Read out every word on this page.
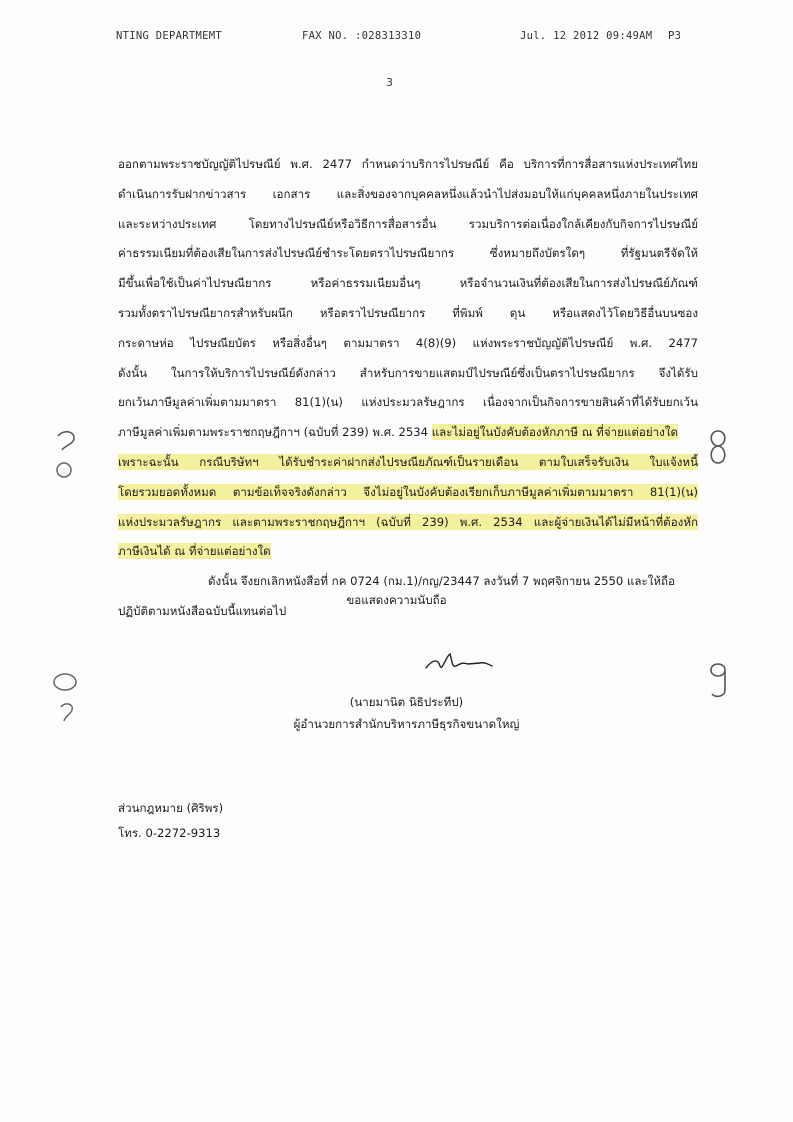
NTING DEPARTMEMT	FAX NO. :028313310	Jul. 12 2012 09:49AM P3
3
ออกตามพระราชบัญญัติไปรษณีย์ พ.ศ. 2477 กำหนดว่าบริการไปรษณีย์ คือ บริการที่การสื่อสารแห่งประเทศไทย
ดำเนินการรับฝากข่าวสาร เอกสาร และสิ่งของจากบุคคลหนึ่งแล้วนำไปส่งมอบให้แก่บุคคลหนึ่งภายในประเทศ
และระหว่างประเทศ โดยทางไปรษณีย์หรือวิธีการสื่อสารอื่น รวมบริการต่อเนื่องใกล้เคียงกับกิจการไปรษณีย์
ค่าธรรมเนียมที่ต้องเสียในการส่งไปรษณีย์ชำระโดยตราไปรษณียากร ซึ่งหมายถึงบัตรใดๆ ที่รัฐมนตรีจัดให้
มีขึ้นเพื่อใช้เป็นค่าไปรษณียากร หรือค่าธรรมเนียมอื่นๆ หรือจำนวนเงินที่ต้องเสียในการส่งไปรษณีย์ภัณฑ์
รวมทั้งตราไปรษณียากรสำหรับผนึก หรือตราไปรษณียากร ที่พิมพ์ ดุน หรือแสดงไว้โดยวิธีอื่นบนซอง
กระดาษห่อ ไปรษณียบัตร หรือสิ่งอื่นๆ ตามมาตรา 4(8)(9) แห่งพระราชบัญญัติไปรษณีย์ พ.ศ. 2477
ดังนั้น ในการให้บริการไปรษณีย์ดังกล่าว สำหรับการขายแสตมป์ไปรษณีย์ซึ่งเป็นตราไปรษณียากร จึงได้รับ
ยกเว้นภาษีมูลค่าเพิ่มตามมาตรา 81(1)(น) แห่งประมวลรัษฎากร เนื่องจากเป็นกิจการขายสินค้าที่ได้รับยกเว้น
ภาษีมูลค่าเพิ่มตามพระราชกฤษฎีกาฯ (ฉบับที่ 239) พ.ศ. 2534 และไม่อยู่ในบังคับต้องหักภาษี ณ ที่จ่ายแต่อย่างใด
เพราะฉะนั้น กรณีบริษัทฯ ได้รับชำระค่าฝากส่งไปรษณียภัณฑ์เป็นรายเดือน ตามใบเสร็จรับเงิน ใบแจ้งหนี้
โดยรวมยอดทั้งหมด ตามข้อเท็จจริงดังกล่าว จึงไม่อยู่ในบังคับต้องเรียกเก็บภาษีมูลค่าเพิ่มตามมาตรา 81(1)(น)
แห่งประมวลรัษฎากร และตามพระราชกฤษฎีกาฯ (ฉบับที่ 239) พ.ศ. 2534 และผู้จ่ายเงินได้ไม่มีหน้าที่ต้องหัก
ภาษีเงินได้ ณ ที่จ่ายแต่อย่างใด
ดังนั้น จึงยกเลิกหนังสือที่ กค 0724 (กม.1)/กญ/23447 ลงวันที่ 7 พฤศจิกายน 2550 และให้ถือ
ปฏิบัติตามหนังสือฉบับนี้แทนต่อไป
ขอแสดงความนับถือ
(นายมานิต นิธิประทีป)
ผู้อำนวยการสำนักบริหารภาษีธุรกิจขนาดใหญ่
ส่วนกฎหมาย (ศิริพร)
โทร. 0-2272-9313
